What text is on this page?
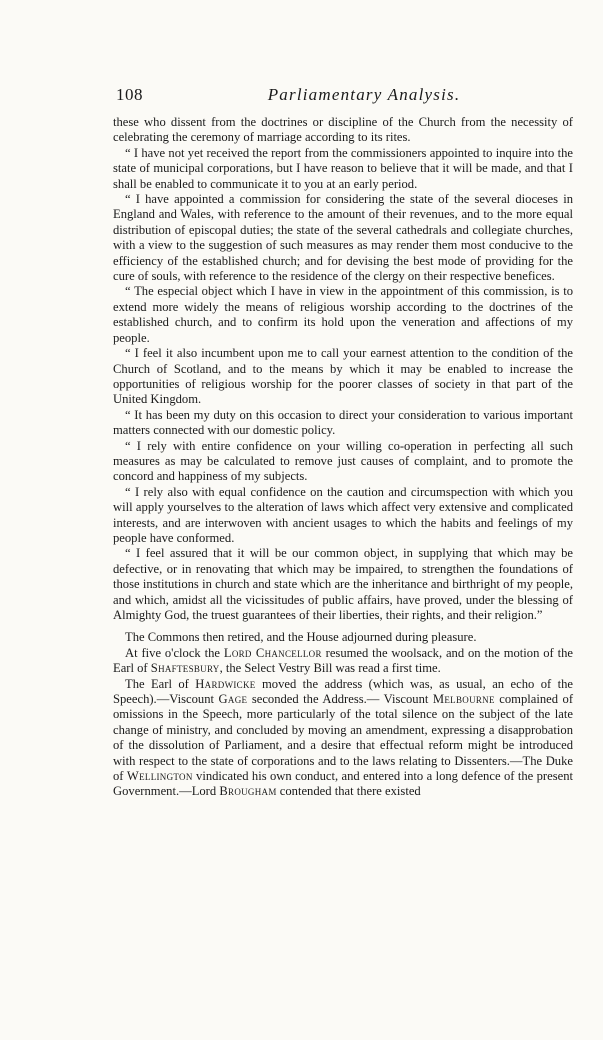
108	Parliamentary Analysis.

these who dissent from the doctrines or discipline of the Church from the necessity of celebrating the ceremony of marriage according to its rites.

“ I have not yet received the report from the commissioners appointed to inquire into the state of municipal corporations, but I have reason to believe that it will be made, and that I shall be enabled to communicate it to you at an early period.

“ I have appointed a commission for considering the state of the several dioceses in England and Wales, with reference to the amount of their revenues, and to the more equal distribution of episcopal duties; the state of the several cathedrals and collegiate churches, with a view to the suggestion of such measures as may render them most conducive to the efficiency of the established church; and for devising the best mode of providing for the cure of souls, with reference to the residence of the clergy on their respective benefices.

“ The especial object which I have in view in the appointment of this commission, is to extend more widely the means of religious worship according to the doctrines of the established church, and to confirm its hold upon the veneration and affections of my people.

“ I feel it also incumbent upon me to call your earnest attention to the condition of the Church of Scotland, and to the means by which it may be enabled to increase the opportunities of religious worship for the poorer classes of society in that part of the United Kingdom.

“ It has been my duty on this occasion to direct your consideration to various important matters connected with our domestic policy.

“ I rely with entire confidence on your willing co-operation in perfecting all such measures as may be calculated to remove just causes of complaint, and to promote the concord and happiness of my subjects.

“ I rely also with equal confidence on the caution and circumspection with which you will apply yourselves to the alteration of laws which affect very extensive and complicated interests, and are interwoven with ancient usages to which the habits and feelings of my people have conformed.

“ I feel assured that it will be our common object, in supplying that which may be defective, or in renovating that which may be impaired, to strengthen the foundations of those institutions in church and state which are the inheritance and birthright of my people, and which, amidst all the vicissitudes of public affairs, have proved, under the blessing of Almighty God, the truest guarantees of their liberties, their rights, and their religion.”

The Commons then retired, and the House adjourned during pleasure.

At five o'clock the Lord Chancellor resumed the woolsack, and on the motion of the Earl of Shaftesbury, the Select Vestry Bill was read a first time.

The Earl of Hardwicke moved the address (which was, as usual, an echo of the Speech).—Viscount Gage seconded the Address.— Viscount Melbourne complained of omissions in the Speech, more particularly of the total silence on the subject of the late change of ministry, and concluded by moving an amendment, expressing a disapprobation of the dissolution of Parliament, and a desire that effectual reform might be introduced with respect to the state of corporations and to the laws relating to Dissenters.—The Duke of Wellington vindicated his own conduct, and entered into a long defence of the present Government.—Lord Brougham contended that there existed
